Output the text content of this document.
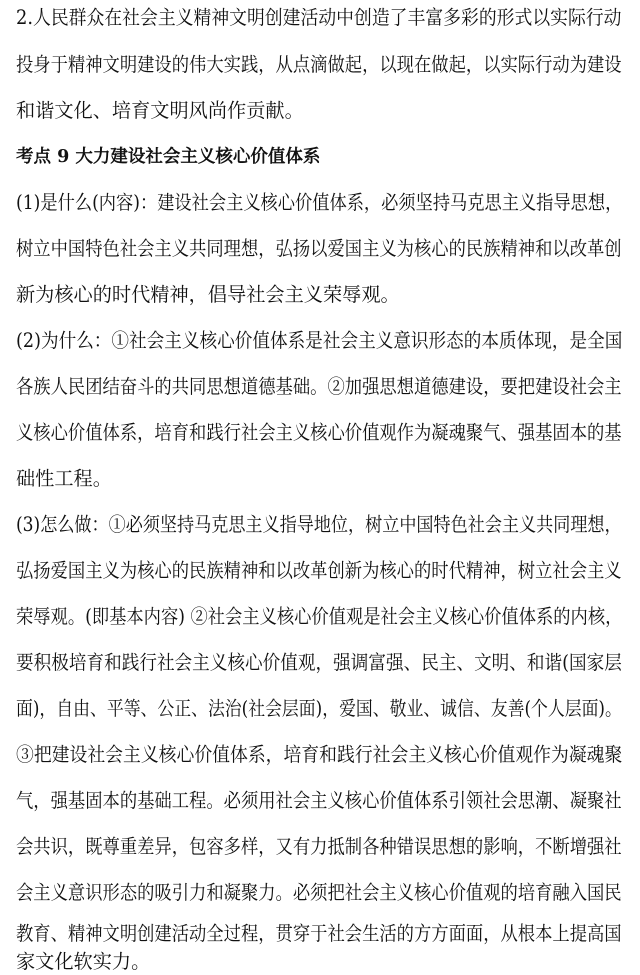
2.人民群众在社会主义精神文明创建活动中创造了丰富多彩的形式以实际行动
投身于精神文明建设的伟大实践，从点滴做起，以现在做起，以实际行动为建设
和谐文化、培育文明风尚作贡献。
考点 9 大力建设社会主义核心价值体系
(1)是什么(内容)：建设社会主义核心价值体系，必须坚持马克思主义指导思想，
树立中国特色社会主义共同理想，弘扬以爱国主义为核心的民族精神和以改革创
新为核心的时代精神，倡导社会主义荣辱观。
(2)为什么：①社会主义核心价值体系是社会主义意识形态的本质体现，是全国
各族人民团结奋斗的共同思想道德基础。②加强思想道德建设，要把建设社会主
义核心价值体系，培育和践行社会主义核心价值观作为凝魂聚气、强基固本的基
础性工程。
(3)怎么做：①必须坚持马克思主义指导地位，树立中国特色社会主义共同理想，
弘扬爱国主义为核心的民族精神和以改革创新为核心的时代精神，树立社会主义
荣辱观。(即基本内容) ②社会主义核心价值观是社会主义核心价值体系的内核，
要积极培育和践行社会主义核心价值观，强调富强、民主、文明、和谐(国家层
面)，自由、平等、公正、法治(社会层面)，爱国、敬业、诚信、友善(个人层面)。
③把建设社会主义核心价值体系，培育和践行社会主义核心价值观作为凝魂聚
气，强基固本的基础工程。必须用社会主义核心价值体系引领社会思潮、凝聚社
会共识，既尊重差异，包容多样，又有力抵制各种错误思想的影响，不断增强社
会主义意识形态的吸引力和凝聚力。必须把社会主义核心价值观的培育融入国民
教育、精神文明创建活动全过程，贯穿于社会生活的方方面面，从根本上提高国
家文化软实力。
